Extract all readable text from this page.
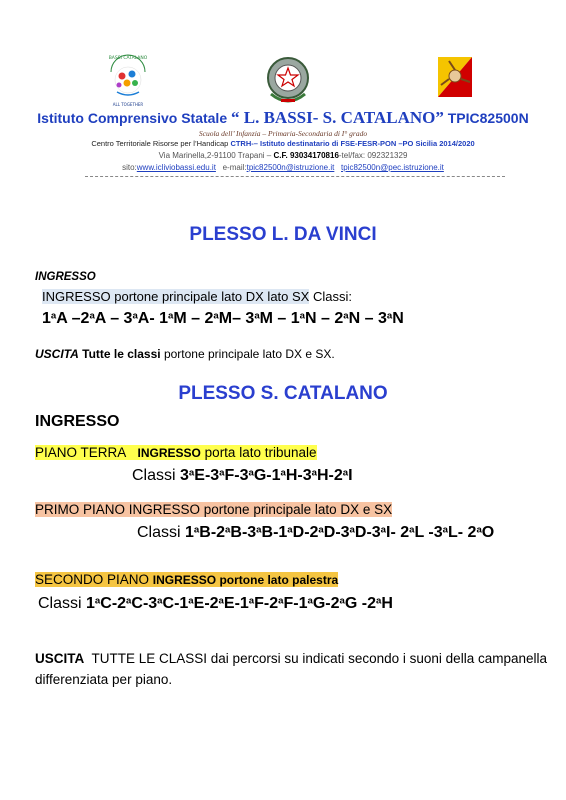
ALL TOGETHER
BASSI CATALANO
Istituto Comprensivo Statale “ L. BASSI- S. CATALANO” TPIC82500N
Scuola dell’ Infanzia – Primaria-Secondaria di I° grado
Centro Territoriale Risorse per l’Handicap CTRH-– Istituto destinatario di FSE-FESR-PON –PO Sicilia 2014/2020
Via Marinella,2-91100 Trapani – C.F. 93034170816-tel/fax: 092321329
sito:www.icliviobassi.edu.it e-mail:tpic82500n@istruzione.it tpic82500n@pec.istruzione.it
PLESSO L. DA VINCI
INGRESSO
INGRESSO portone principale lato DX lato SX Classi:
1$^a$A –2$^a$A – 3$^a$A- 1$^a$M – 2$^a$M– 3$^a$M – 1$^a$N – 2$^a$N – 3$^a$N
USCITA Tutte le classi portone principale lato DX e SX.
PLESSO S. CATALANO
INGRESSO
PIANO TERRA INGRESSO porta lato tribunale
Classi 3$^a$E-3$^a$F-3$^a$G-1$^a$H-3$^a$H-2$^a$I
PRIMO PIANO INGRESSO portone principale lato DX e SX
Classi 1$^a$B-2$^a$B-3$^a$B-1$^a$D-2$^a$D-3$^a$D-3$^a$I- 2$^a$L -3$^a$L- 2$^a$O
SECONDO PIANO INGRESSO portone lato palestra
Classi 1$^a$C-2$^a$C-3$^a$C-1$^a$E-2$^a$E-1$^a$F-2$^a$F-1$^a$G-2$^a$G -2$^a$H
USCITA TUTTE LE CLASSI dai percorsi su indicati secondo i suoni della campanella differenziata per piano.
